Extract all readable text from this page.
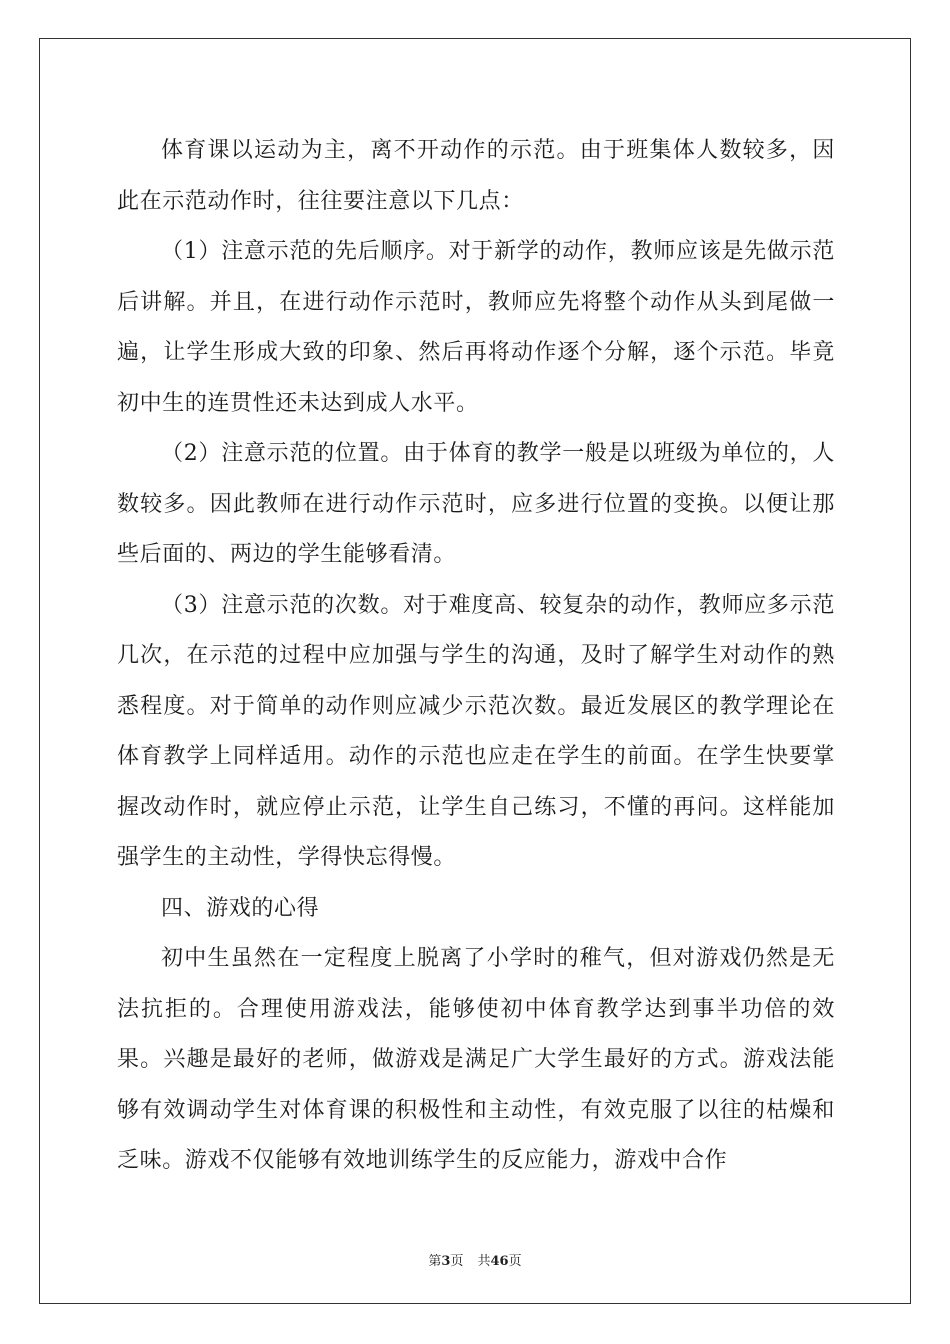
体育课以运动为主，离不开动作的示范。由于班集体人数较多，因此在示范动作时，往往要注意以下几点：

（1）注意示范的先后顺序。对于新学的动作，教师应该是先做示范后讲解。并且，在进行动作示范时，教师应先将整个动作从头到尾做一遍，让学生形成大致的印象、然后再将动作逐个分解，逐个示范。毕竟初中生的连贯性还未达到成人水平。

（2）注意示范的位置。由于体育的教学一般是以班级为单位的，人数较多。因此教师在进行动作示范时，应多进行位置的变换。以便让那些后面的、两边的学生能够看清。

（3）注意示范的次数。对于难度高、较复杂的动作，教师应多示范几次，在示范的过程中应加强与学生的沟通，及时了解学生对动作的熟悉程度。对于简单的动作则应减少示范次数。最近发展区的教学理论在体育教学上同样适用。动作的示范也应走在学生的前面。在学生快要掌握改动作时，就应停止示范，让学生自己练习，不懂的再问。这样能加强学生的主动性，学得快忘得慢。

四、游戏的心得

初中生虽然在一定程度上脱离了小学时的稚气，但对游戏仍然是无法抗拒的。合理使用游戏法，能够使初中体育教学达到事半功倍的效果。兴趣是最好的老师，做游戏是满足广大学生最好的方式。游戏法能够有效调动学生对体育课的积极性和主动性，有效克服了以往的枯燥和乏味。游戏不仅能够有效地训练学生的反应能力，游戏中合作

第3页 共46页
